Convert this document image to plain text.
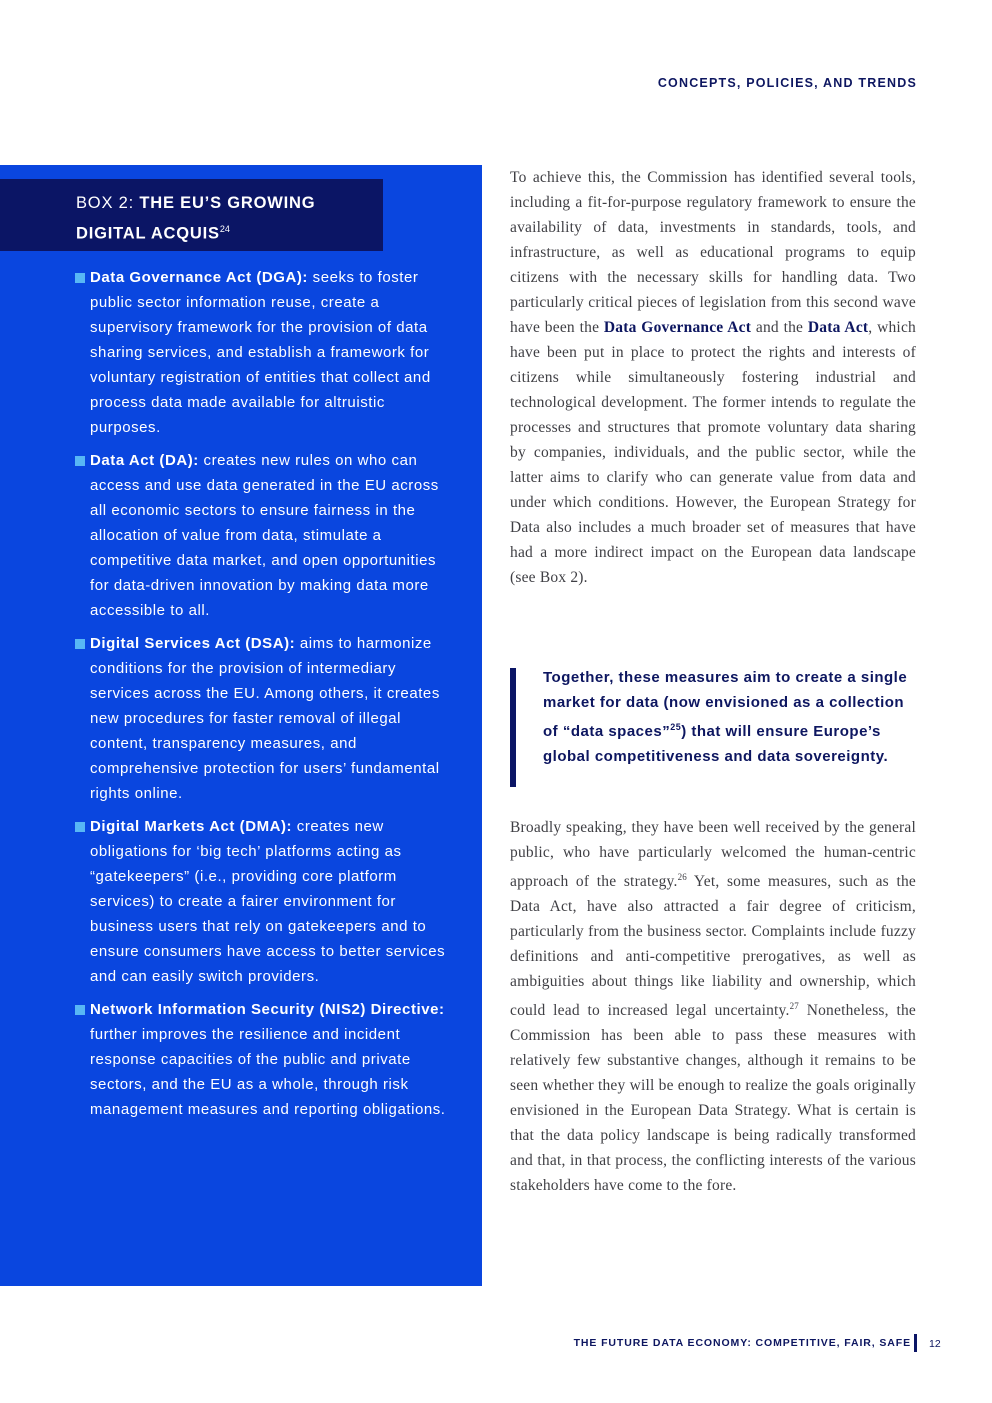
CONCEPTS, POLICIES, AND TRENDS
BOX 2: THE EU’S GROWING
DIGITAL ACQUIS$^{24}$
Data Governance Act (DGA): seeks to foster public sector information reuse, create a supervisory framework for the provision of data sharing services, and establish a framework for voluntary registration of entities that collect and process data made available for altruistic purposes.
Data Act (DA): creates new rules on who can access and use data generated in the EU across all economic sectors to ensure fairness in the allocation of value from data, stimulate a competitive data market, and open opportunities for data-driven innovation by making data more accessible to all.
Digital Services Act (DSA): aims to harmonize conditions for the provision of intermediary services across the EU. Among others, it creates new procedures for faster removal of illegal content, transparency measures, and comprehensive protection for users’ fundamental rights online.
Digital Markets Act (DMA): creates new obligations for ‘big tech’ platforms acting as “gatekeepers” (i.e., providing core platform services) to create a fairer environment for business users that rely on gatekeepers and to ensure consumers have access to better services and can easily switch providers.
Network Information Security (NIS2) Directive: further improves the resilience and incident response capacities of the public and private sectors, and the EU as a whole, through risk management measures and reporting obligations.
To achieve this, the Commission has identified several tools, including a fit-for-purpose regulatory framework to ensure the availability of data, investments in standards, tools, and infrastructure, as well as educational programs to equip citizens with the necessary skills for handling data. Two particularly critical pieces of legislation from this second wave have been the Data Governance Act and the Data Act, which have been put in place to protect the rights and interests of citizens while simultaneously fostering industrial and technological development. The former intends to regulate the processes and structures that promote voluntary data sharing by companies, individuals, and the public sector, while the latter aims to clarify who can generate value from data and under which conditions. However, the European Strategy for Data also includes a much broader set of measures that have had a more indirect impact on the European data landscape (see Box 2).
Together, these measures aim to create a single market for data (now envisioned as a collection of “data spaces”$^{25}$) that will ensure Europe’s global competitiveness and data sovereignty.
Broadly speaking, they have been well received by the general public, who have particularly welcomed the human-centric approach of the strategy.$^{26}$ Yet, some measures, such as the Data Act, have also attracted a fair degree of criticism, particularly from the business sector. Complaints include fuzzy definitions and anti-competitive prerogatives, as well as ambiguities about things like liability and ownership, which could lead to increased legal uncertainty.$^{27}$ Nonetheless, the Commission has been able to pass these measures with relatively few substantive changes, although it remains to be seen whether they will be enough to realize the goals originally envisioned in the European Data Strategy. What is certain is that the data policy landscape is being radically transformed and that, in that process, the conflicting interests of the various stakeholders have come to the fore.
THE FUTURE DATA ECONOMY: COMPETITIVE, FAIR, SAFE 12
